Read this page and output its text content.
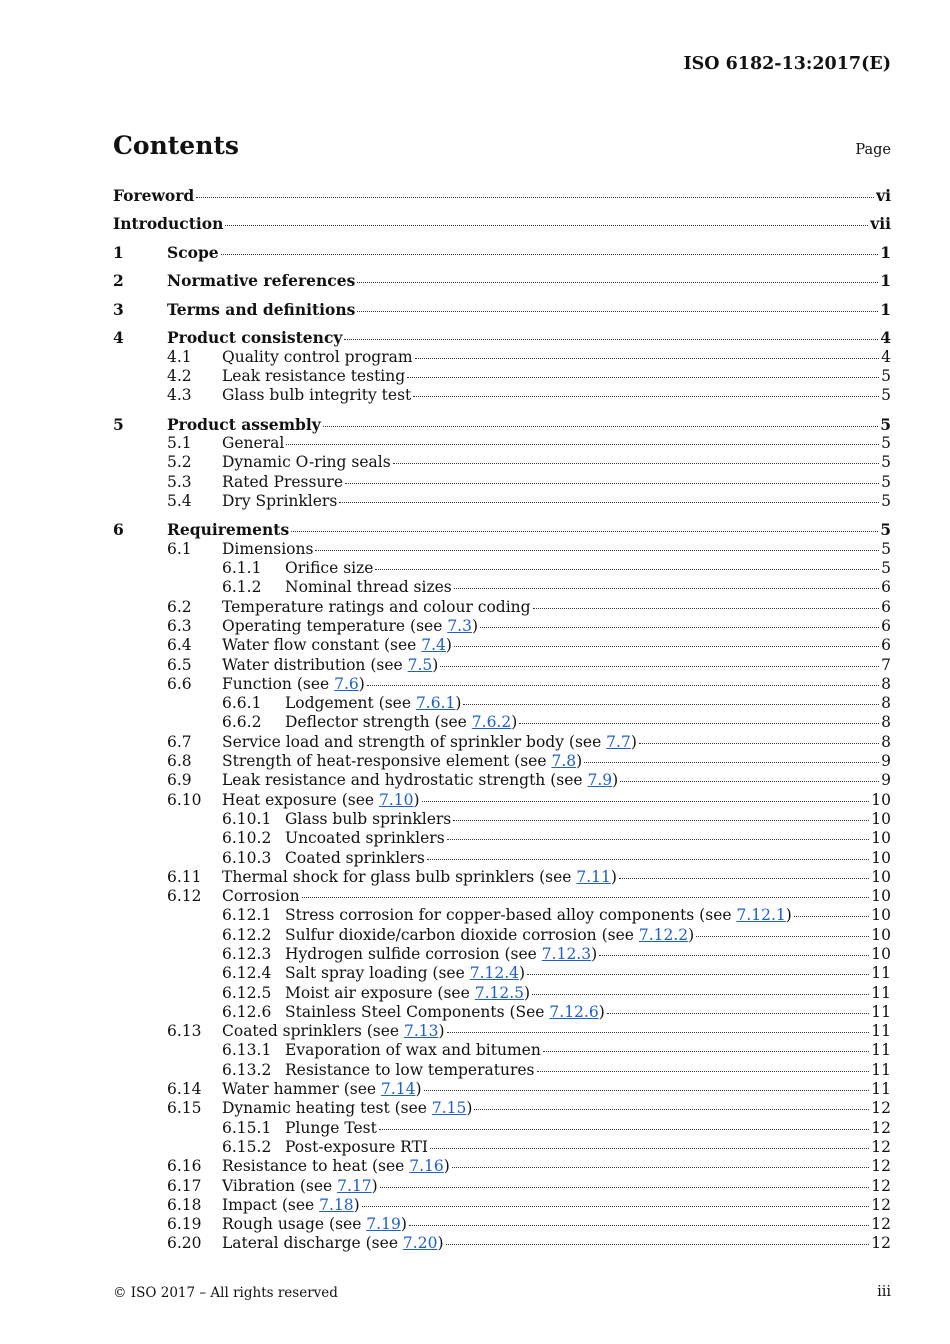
ISO 6182-13:2017(E)
Contents	Page
Foreword	vi
Introduction	vii
1	Scope	1
2	Normative references	1
3	Terms and definitions	1
4	Product consistency	4
4.1	Quality control program	4
4.2	Leak resistance testing	5
4.3	Glass bulb integrity test	5
5	Product assembly	5
5.1	General	5
5.2	Dynamic O-ring seals	5
5.3	Rated Pressure	5
5.4	Dry Sprinklers	5
6	Requirements	5
6.1	Dimensions	5
6.1.1	Orifice size	5
6.1.2	Nominal thread sizes	6
6.2	Temperature ratings and colour coding	6
6.3	Operating temperature (see 7.3)	6
6.4	Water flow constant (see 7.4)	6
6.5	Water distribution (see 7.5)	7
6.6	Function (see 7.6)	8
6.6.1	Lodgement (see 7.6.1)	8
6.6.2	Deflector strength (see 7.6.2)	8
6.7	Service load and strength of sprinkler body (see 7.7)	8
6.8	Strength of heat-responsive element (see 7.8)	9
6.9	Leak resistance and hydrostatic strength (see 7.9)	9
6.10	Heat exposure (see 7.10)	10
6.10.1 Glass bulb sprinklers	10
6.10.2 Uncoated sprinklers	10
6.10.3 Coated sprinklers	10
6.11	Thermal shock for glass bulb sprinklers (see 7.11)	10
6.12	Corrosion	10
6.12.1 Stress corrosion for copper-based alloy components (see 7.12.1)	10
6.12.2 Sulfur dioxide/carbon dioxide corrosion (see 7.12.2)	10
6.12.3 Hydrogen sulfide corrosion (see 7.12.3)	10
6.12.4 Salt spray loading (see 7.12.4)	11
6.12.5 Moist air exposure (see 7.12.5)	11
6.12.6 Stainless Steel Components (See 7.12.6)	11
6.13	Coated sprinklers (see 7.13)	11
6.13.1 Evaporation of wax and bitumen	11
6.13.2 Resistance to low temperatures	11
6.14	Water hammer (see 7.14)	11
6.15	Dynamic heating test (see 7.15)	12
6.15.1 Plunge Test	12
6.15.2 Post-exposure RTI	12
6.16	Resistance to heat (see 7.16)	12
6.17	Vibration (see 7.17)	12
6.18	Impact (see 7.18)	12
6.19	Rough usage (see 7.19)	12
6.20	Lateral discharge (see 7.20)	12
© ISO 2017 – All rights reserved	iii
